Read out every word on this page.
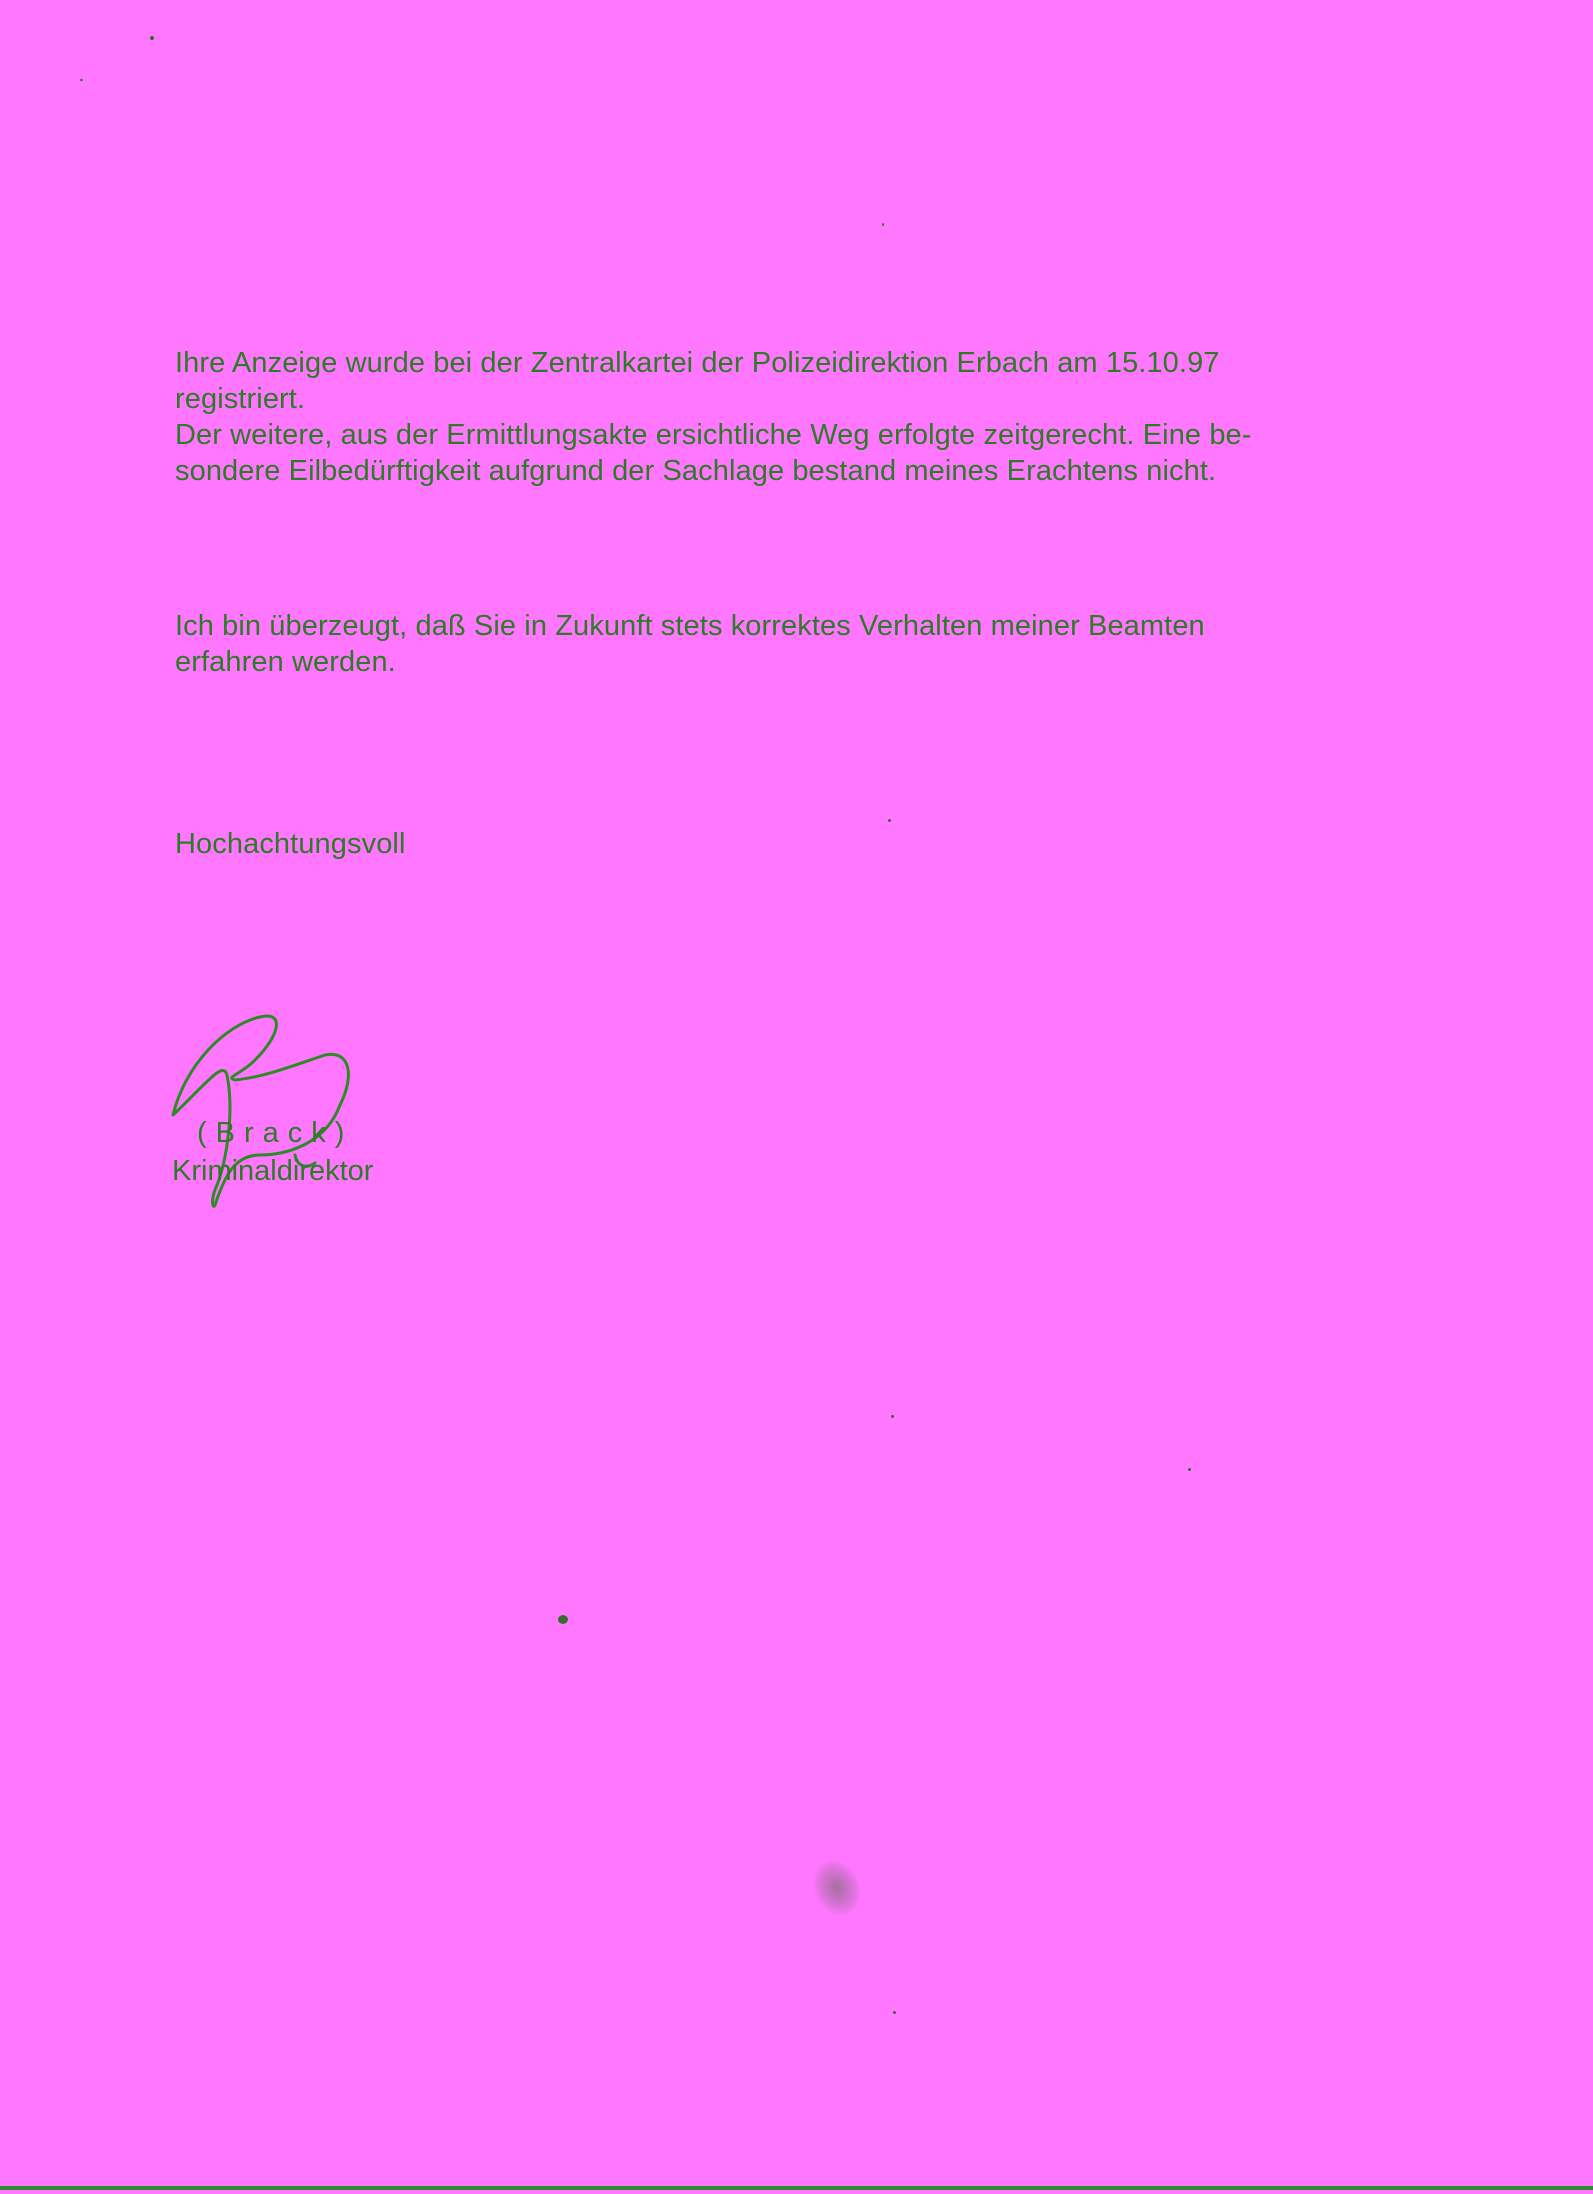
Ihre Anzeige wurde bei der Zentralkartei der Polizeidirektion Erbach am 15.10.97
registriert.
Der weitere, aus der Ermittlungsakte ersichtliche Weg erfolgte zeitgerecht. Eine be-
sondere Eilbedürftigkeit aufgrund der Sachlage bestand meines Erachtens nicht.
Ich bin überzeugt, daß Sie in Zukunft stets korrektes Verhalten meiner Beamten
erfahren werden.
Hochachtungsvoll
(Brack)
Kriminaldirektor
